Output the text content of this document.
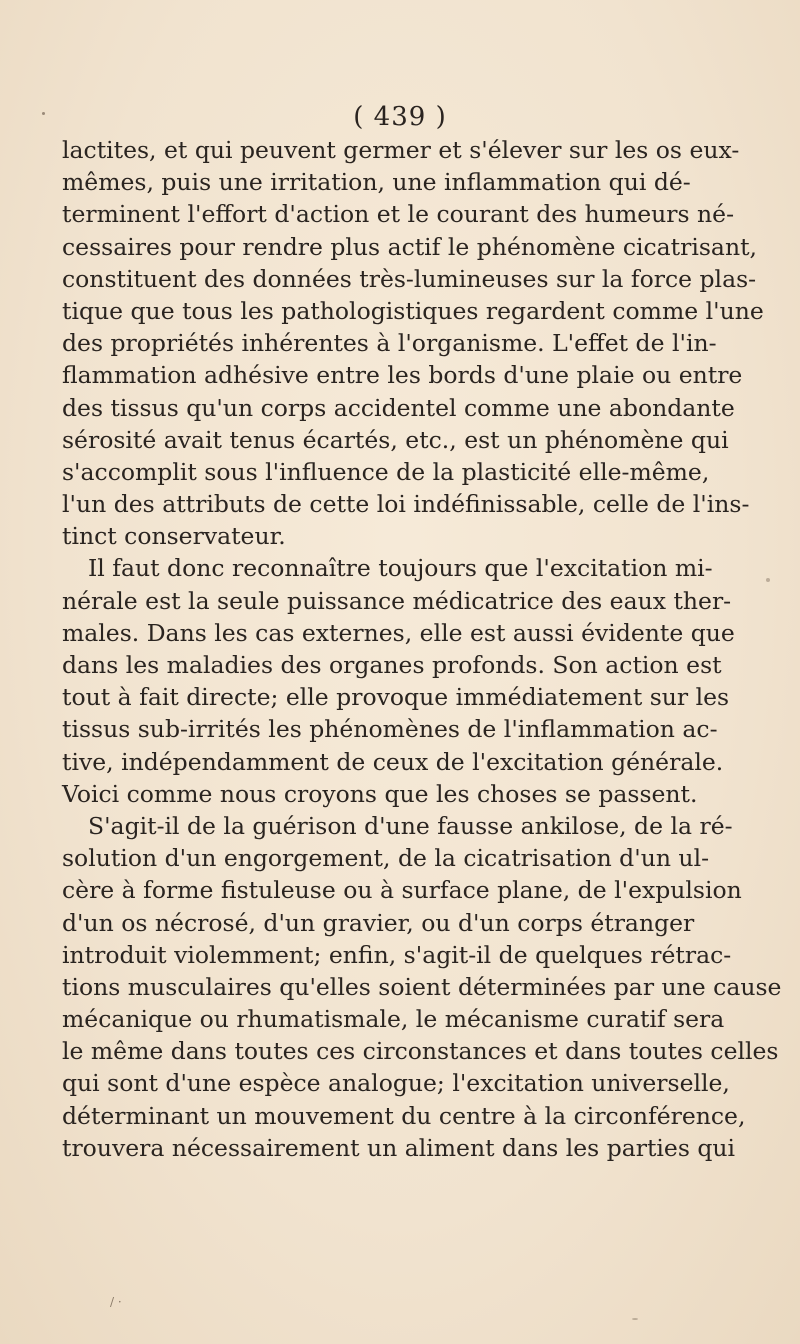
( 439 )
lactites, et qui peuvent germer et s'élever sur les os eux-
mêmes, puis une irritation, une inflammation qui dé-
terminent l'effort d'action et le courant des humeurs né-
cessaires pour rendre plus actif le phénomène cicatrisant,
constituent des données très-lumineuses sur la force plas-
tique que tous les pathologistiques regardent comme l'une
des propriétés inhérentes à l'organisme. L'effet de l'in-
flammation adhésive entre les bords d'une plaie ou entre
des tissus qu'un corps accidentel comme une abondante
sérosité avait tenus écartés, etc., est un phénomène qui
s'accomplit sous l'influence de la plasticité elle-même,
l'un des attributs de cette loi indéfinissable, celle de l'ins-
tinct conservateur.
Il faut donc reconnaître toujours que l'excitation mi-
nérale est la seule puissance médicatrice des eaux ther-
males. Dans les cas externes, elle est aussi évidente que
dans les maladies des organes profonds. Son action est
tout à fait directe; elle provoque immédiatement sur les
tissus sub-irrités les phénomènes de l'inflammation ac-
tive, indépendamment de ceux de l'excitation générale.
Voici comme nous croyons que les choses se passent.
S'agit-il de la guérison d'une fausse ankilose, de la ré-
solution d'un engorgement, de la cicatrisation d'un ul-
cère à forme fistuleuse ou à surface plane, de l'expulsion
d'un os nécrosé, d'un gravier, ou d'un corps étranger
introduit violemment; enfin, s'agit-il de quelques rétrac-
tions musculaires qu'elles soient déterminées par une cause
mécanique ou rhumatismale, le mécanisme curatif sera
le même dans toutes ces circonstances et dans toutes celles
qui sont d'une espèce analogue; l'excitation universelle,
déterminant un mouvement du centre à la circonférence,
trouvera nécessairement un aliment dans les parties qui
/ ·
